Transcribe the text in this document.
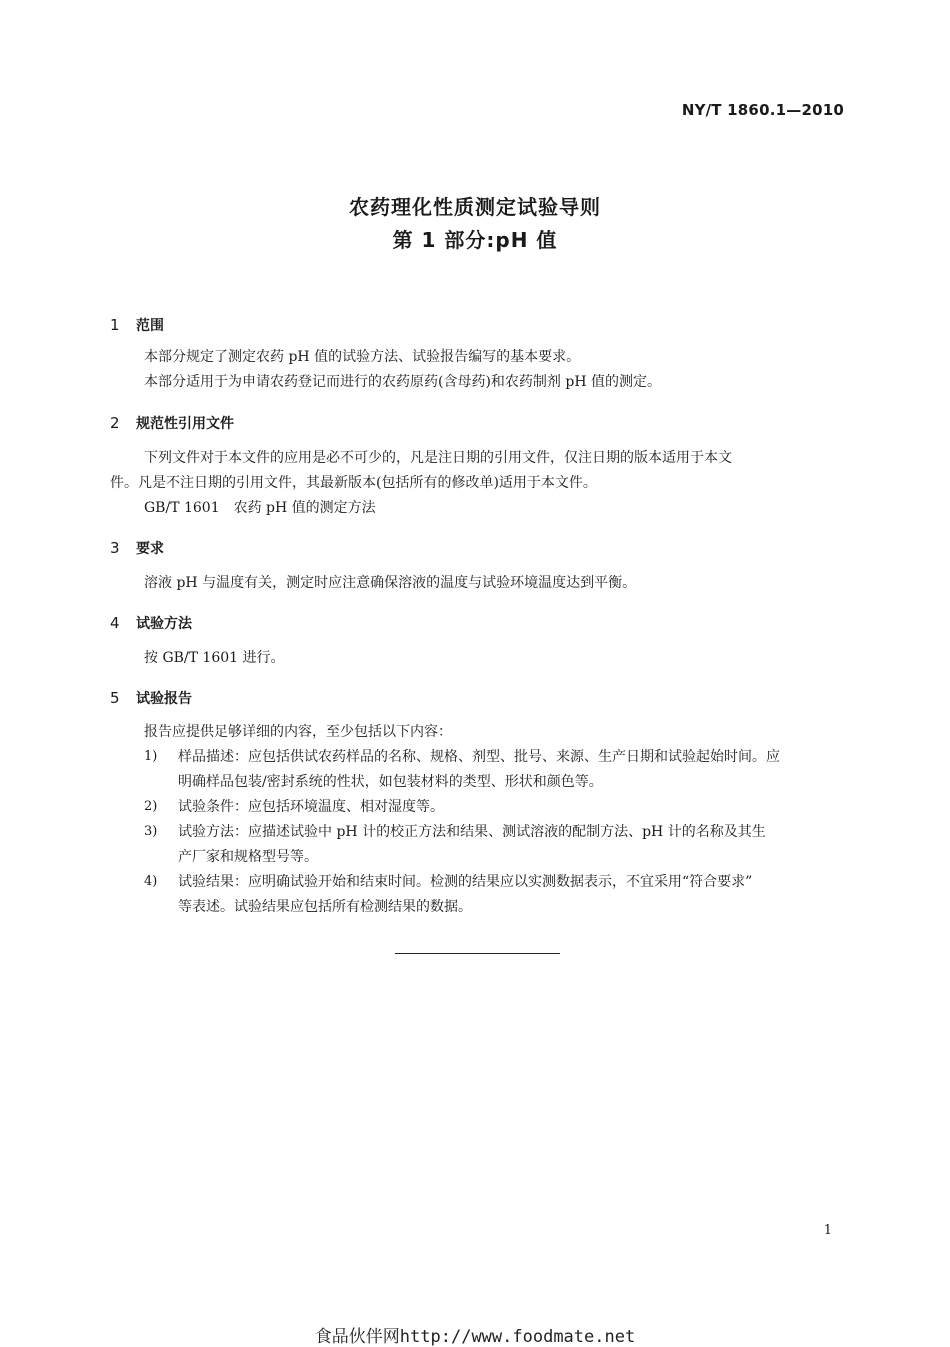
NY/T 1860.1—2010
农药理化性质测定试验导则
第 1 部分:pH 值
1 范围
本部分规定了测定农药 pH 值的试验方法、试验报告编写的基本要求。
本部分适用于为申请农药登记而进行的农药原药(含母药)和农药制剂 pH 值的测定。
2 规范性引用文件
下列文件对于本文件的应用是必不可少的，凡是注日期的引用文件，仅注日期的版本适用于本文
件。凡是不注日期的引用文件，其最新版本(包括所有的修改单)适用于本文件。
GB/T 1601　农药 pH 值的测定方法
3 要求
溶液 pH 与温度有关，测定时应注意确保溶液的温度与试验环境温度达到平衡。
4 试验方法
按 GB/T 1601 进行。
5 试验报告
报告应提供足够详细的内容，至少包括以下内容：
1) 样品描述：应包括供试农药样品的名称、规格、剂型、批号、来源、生产日期和试验起始时间。应
明确样品包装/密封系统的性状，如包装材料的类型、形状和颜色等。
2) 试验条件：应包括环境温度、相对湿度等。
3) 试验方法：应描述试验中 pH 计的校正方法和结果、测试溶液的配制方法、pH 计的名称及其生
产厂家和规格型号等。
4) 试验结果：应明确试验开始和结束时间。检测的结果应以实测数据表示，不宜采用“符合要求”
等表述。试验结果应包括所有检测结果的数据。
1
食品伙伴网http://www.foodmate.net
